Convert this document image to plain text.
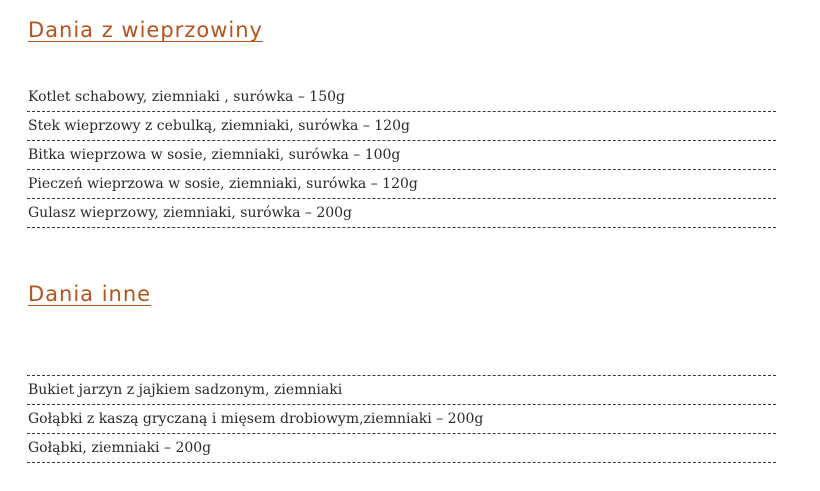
Dania z wieprzowiny
Kotlet schabowy, ziemniaki , surówka – 150g
Stek wieprzowy z cebulką, ziemniaki, surówka – 120g
Bitka wieprzowa w sosie, ziemniaki, surówka – 100g
Pieczeń wieprzowa w sosie, ziemniaki, surówka – 120g
Gulasz wieprzowy, ziemniaki, surówka – 200g
Dania inne
Bukiet jarzyn z jajkiem sadzonym, ziemniaki
Gołąbki z kaszą gryczaną i mięsem drobiowym,ziemniaki – 200g
Gołąbki, ziemniaki – 200g
